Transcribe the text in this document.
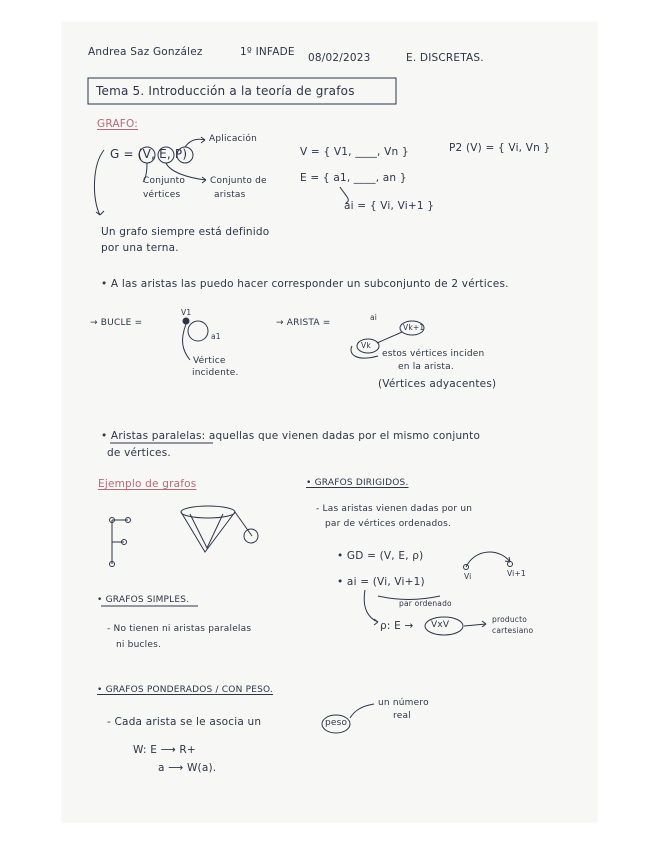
Andrea Saz González	1º INFADE 08/02/2023	E. DISCRETAS.
Tema 5. Introducción a la teoría de grafos
GRAFO:
G = (V, E, P)
Aplicación
Conjunto
vértices
Conjunto de
aristas
V = { V1, ____, Vn }
E = { a1, ____, an }
ai = { Vi, Vi+1 }
P2 (V) = { Vi, Vn }
Un grafo siempre está definido
por una terna.
• A las aristas las puedo hacer corresponder un subconjunto de 2 vértices.
→ BUCLE =
V1
a1
Vértice
incidente.
→ ARISTA =
ai
Vk+1
Vk
estos vértices inciden
en la arista.
(Vértices adyacentes)
• Aristas paralelas: aquellas que vienen dadas por el mismo conjunto
de vértices.
Ejemplo de grafos	• GRAFOS DIRIGIDOS.
- Las aristas vienen dadas por un
par de vértices ordenados.
• GD = (V, E, ρ)
• ai = (Vi, Vi+1)
par ordenado
Vi	Vi+1
ρ: E → VxV
producto
cartesiano
• GRAFOS SIMPLES.
- No tienen ni aristas paralelas
ni bucles.
• GRAFOS PONDERADOS / CON PESO.
- Cada arista se le asocia un	peso
un número
real
W: E ⟶ R+
a ⟶ W(a).
